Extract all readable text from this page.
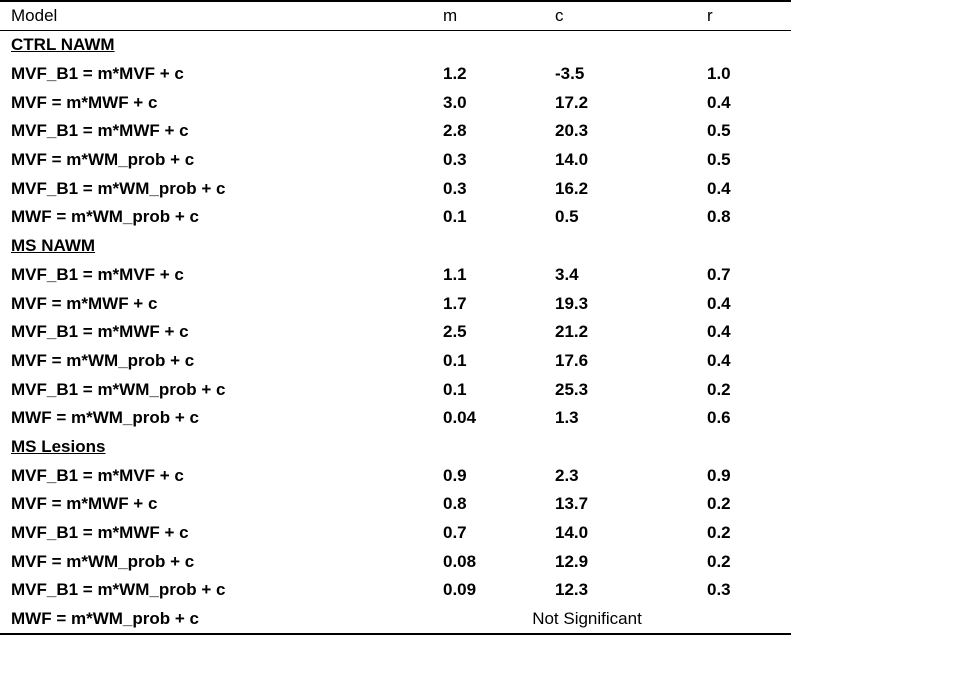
Model	m	c	r
CTRL NAWM
MVF_B1 = m*MVF + c	1.2	-3.5	1.0
MVF = m*MWF + c	3.0	17.2	0.4
MVF_B1 = m*MWF + c	2.8	20.3	0.5
MVF = m*WM_prob + c	0.3	14.0	0.5
MVF_B1 = m*WM_prob + c	0.3	16.2	0.4
MWF = m*WM_prob + c	0.1	0.5	0.8
MS NAWM
MVF_B1 = m*MVF + c	1.1	3.4	0.7
MVF = m*MWF + c	1.7	19.3	0.4
MVF_B1 = m*MWF + c	2.5	21.2	0.4
MVF = m*WM_prob + c	0.1	17.6	0.4
MVF_B1 = m*WM_prob + c	0.1	25.3	0.2
MWF = m*WM_prob + c	0.04	1.3	0.6
MS Lesions
MVF_B1 = m*MVF + c	0.9	2.3	0.9
MVF = m*MWF + c	0.8	13.7	0.2
MVF_B1 = m*MWF + c	0.7	14.0	0.2
MVF = m*WM_prob + c	0.08	12.9	0.2
MVF_B1 = m*WM_prob + c	0.09	12.3	0.3
MWF = m*WM_prob + c	Not Significant
